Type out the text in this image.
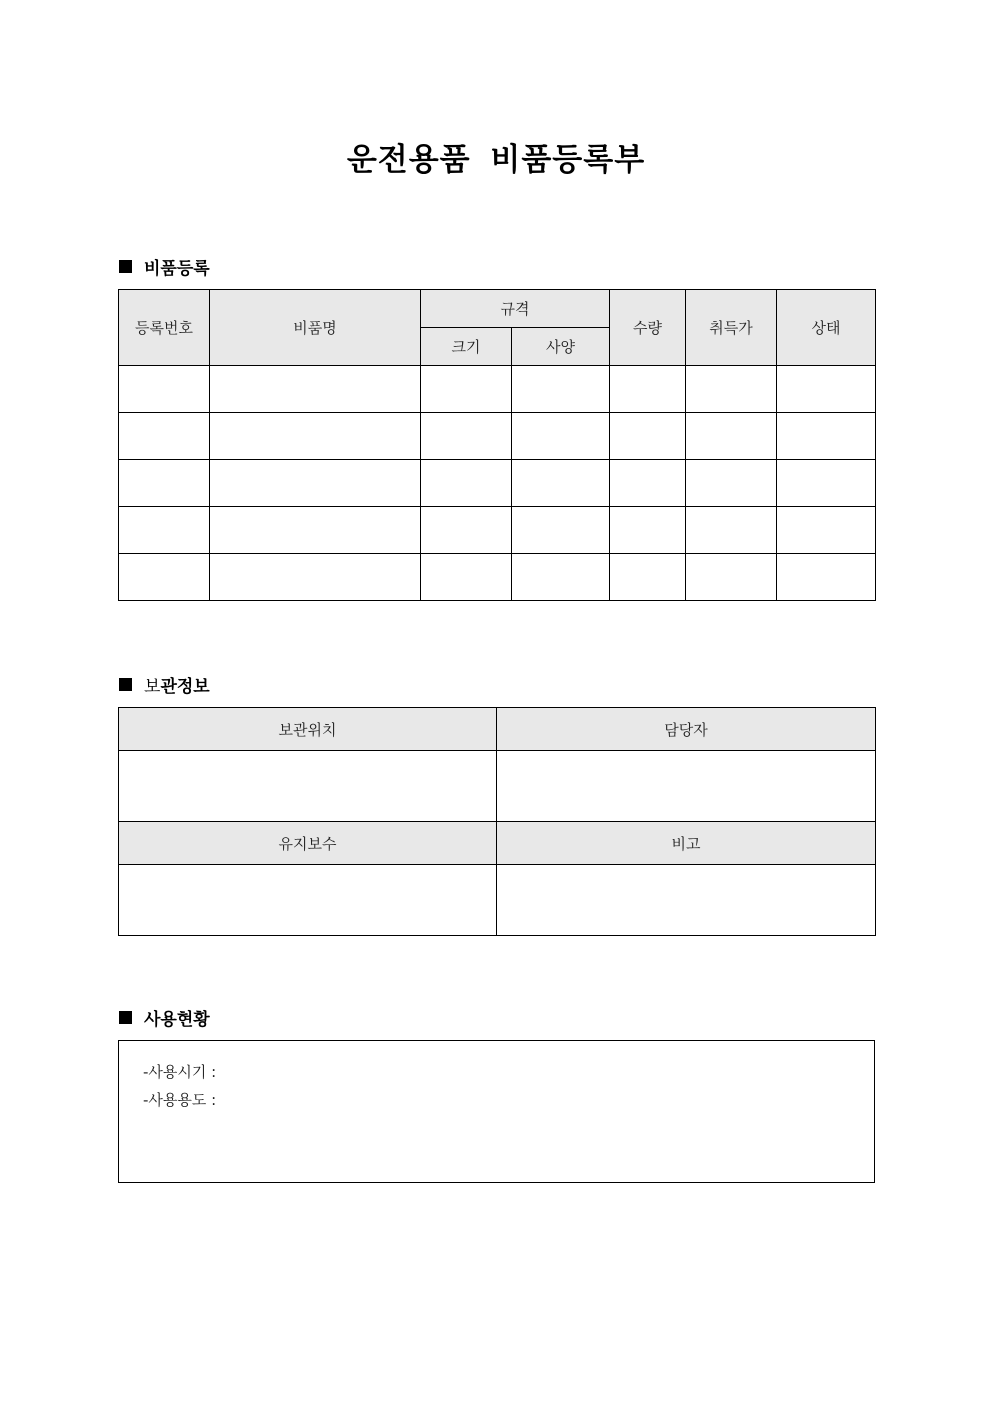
운전용품 비품등록부
비품등록
등록번호	비품명	규격		수량	취득가	상태
		크기	사양			

보 관정보
보관위치	담당자

유지보수	비고

사용현황
-사용시기 :
-사용용도 :
